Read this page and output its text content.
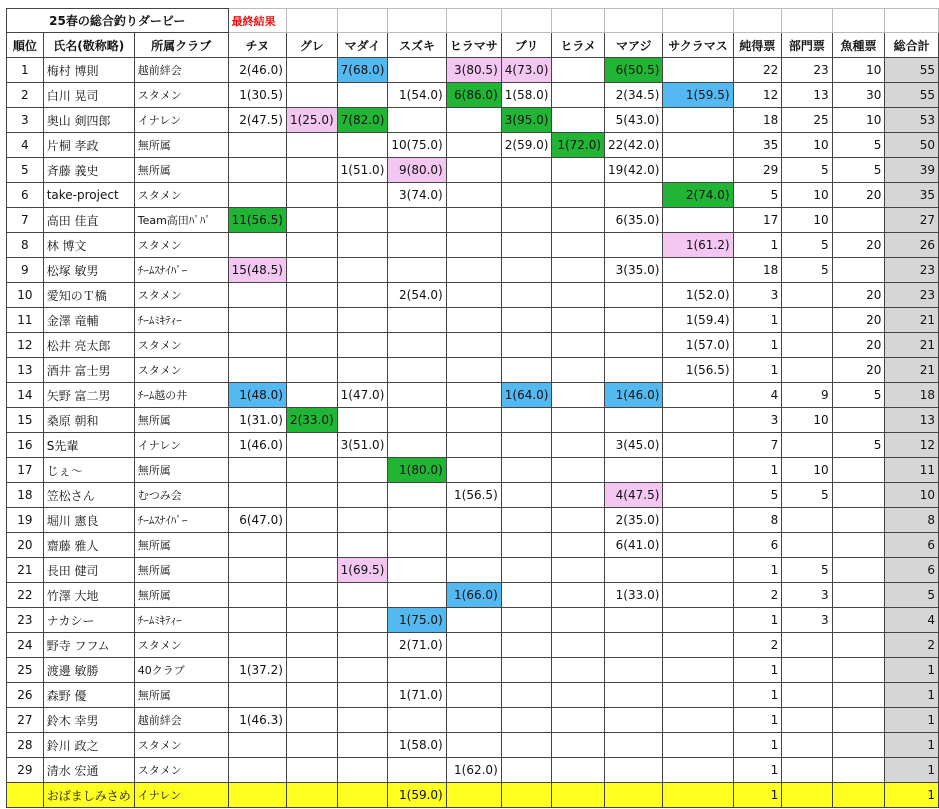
25春の総合釣りダービー			最終結果												
順位	氏名(敬称略)	所属クラブ	チヌ	グレ	マダイ	スズキ	ヒラマサ	ブリ	ヒラメ	マアジ	サクラマス	純得票	部門票	魚種票	総合計
1	梅村 博則	越前絆会	2(46.0)		7(68.0)		3(80.5)	4(73.0)		6(50.5)		22	23	10	55
2	白川 晃司	スタメン	1(30.5)			1(54.0)	6(86.0)	1(58.0)		2(34.5)	1(59.5)	12	13	30	55
3	奥山 剣四郎	イナレン	2(47.5)	1(25.0)	7(82.0)			3(95.0)		5(43.0)		18	25	10	53
4	片桐 孝政	無所属				10(75.0)		2(59.0)	1(72.0)	22(42.0)		35	10	5	50
5	斉藤 義史	無所属			1(51.0)	9(80.0)				19(42.0)		29	5	5	39
6	take-project	スタメン				3(74.0)					2(74.0)	5	10	20	35
7	高田 佳直	Team高田ﾊﾟﾊﾟ	11(56.5)							6(35.0)		17	10		27
8	林 博文	スタメン									1(61.2)	1	5	20	26
9	松塚 敏男	ﾁｰﾑｽﾅｲﾊﾟｰ	15(48.5)							3(35.0)		18	5		23
10	愛知のＴ橋	スタメン				2(54.0)					1(52.0)	3		20	23
11	金澤 竜輔	ﾁｰﾑﾐｷﾃｨｰ									1(59.4)	1		20	21
12	松井 亮太郎	スタメン									1(57.0)	1		20	21
13	酒井 富士男	スタメン									1(56.5)	1		20	21
14	矢野 富二男	ﾁｰﾑ越の井	1(48.0)		1(47.0)			1(64.0)		1(46.0)		4	9	5	18
15	桑原 朝和	無所属	1(31.0)	2(33.0)								3	10		13
16	S先輩	イナレン	1(46.0)		3(51.0)					3(45.0)		7		5	12
17	じぇ～	無所属				1(80.0)						1	10		11
18	笠松さん	むつみ会					1(56.5)			4(47.5)		5	5		10
19	堀川 憲良	ﾁｰﾑｽﾅｲﾊﾟｰ	6(47.0)							2(35.0)		8			8
20	齋藤 雅人	無所属								6(41.0)		6			6
21	長田 健司	無所属			1(69.5)							1	5		6
22	竹澤 大地	無所属					1(66.0)			1(33.0)		2	3		5
23	ナカシー	ﾁｰﾑﾐｷﾃｨｰ				1(75.0)						1	3		4
24	野寺 フフム	スタメン				2(71.0)						2			2
25	渡邊 敏勝	40クラブ	1(37.2)									1			1
26	森野 優	無所属				1(71.0)						1			1
27	鈴木 幸男	越前絆会	1(46.3)									1			1
28	鈴川 政之	スタメン				1(58.0)						1			1
29	清水 宏通	スタメン					1(62.0)					1			1
	おばましみさめ	イナレン				1(59.0)						1			1
